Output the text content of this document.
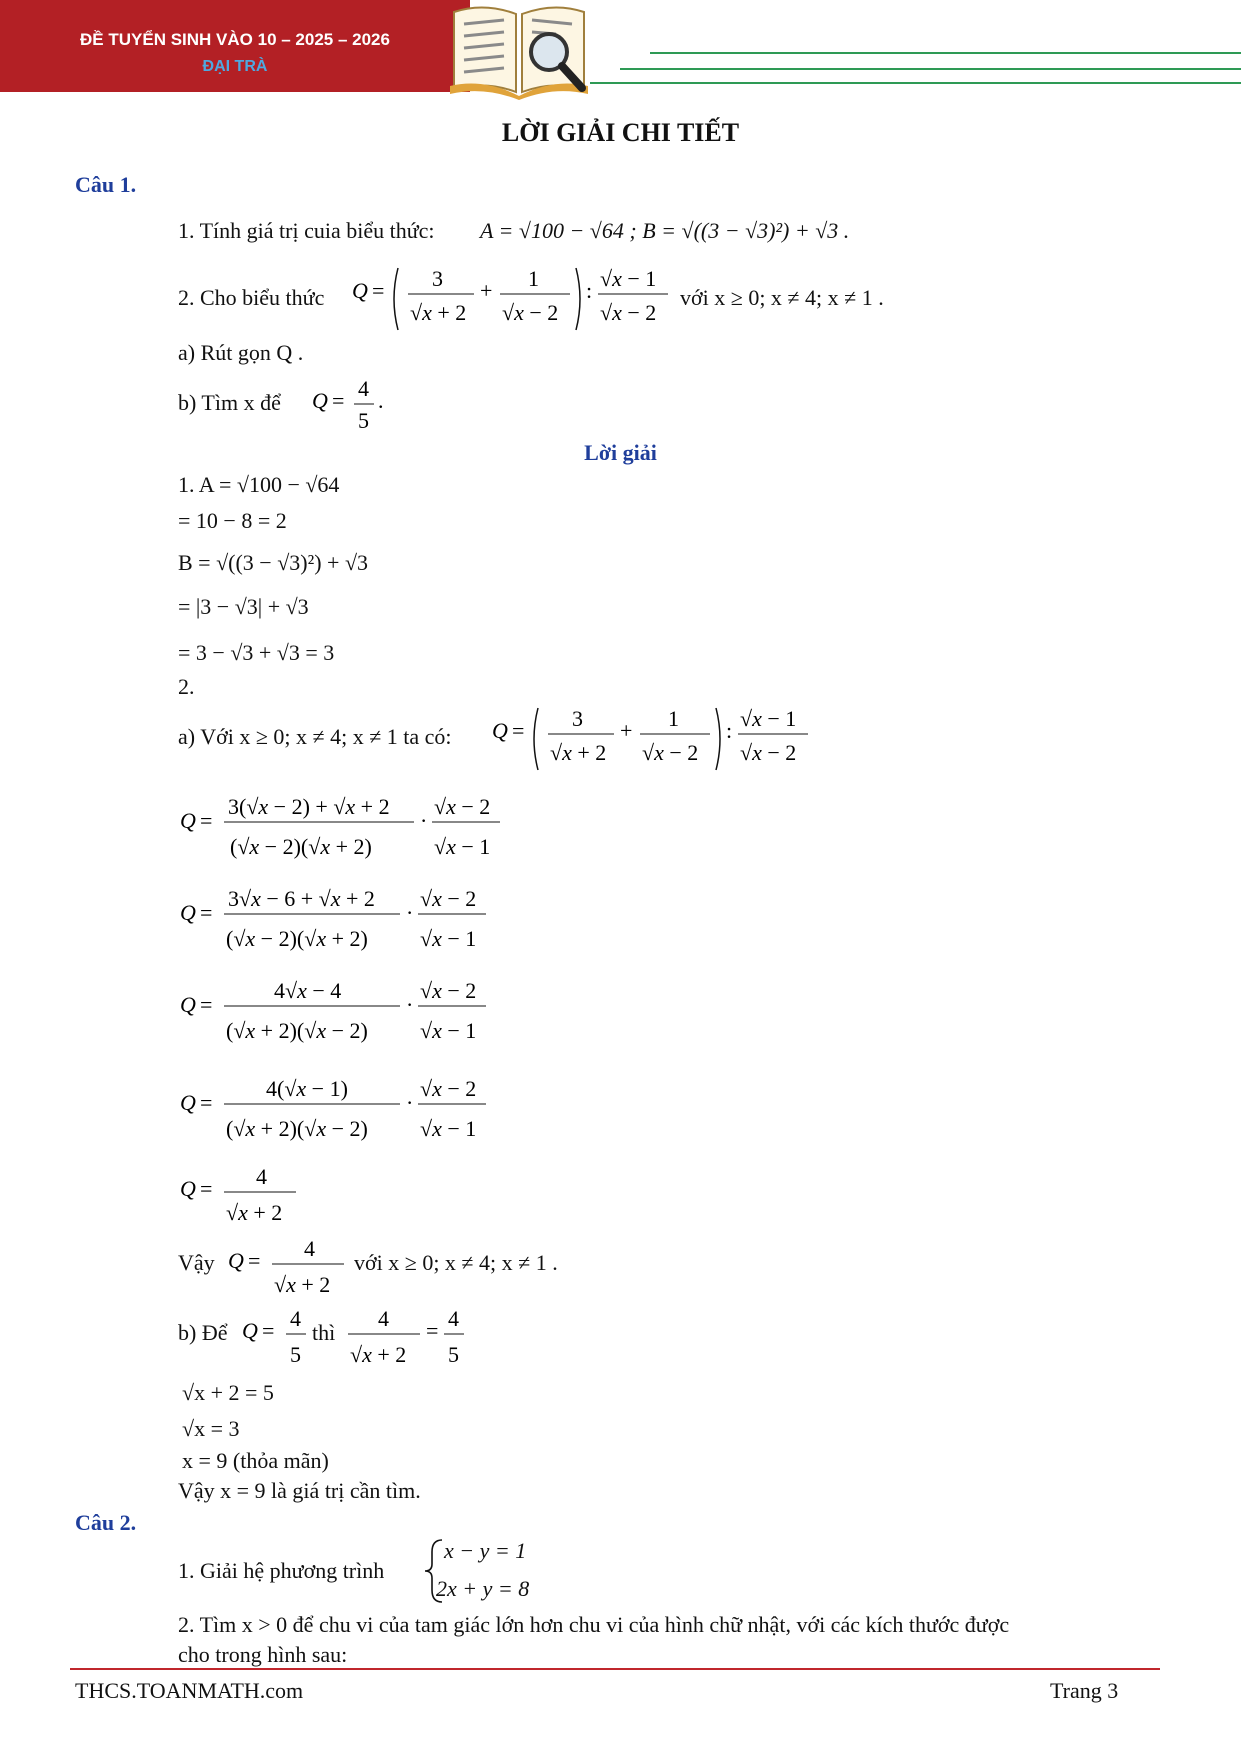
ĐỀ TUYỂN SINH VÀO 10 – 2025 – 2026
ĐẠI TRÀ
LỜI GIẢI CHI TIẾT
Câu 1.
1. Tính giá trị cuia biểu thức: A = √100 − √64 ; B = √((3 − √3)²) + √3 .
2. Cho biểu thức Q = 3
√x + 2
+ 1
√x − 2
: √x − 1
√x − 2
với x ≥ 0; x ≠ 4; x ≠ 1 .
a) Rút gọn Q .
b) Tìm x để Q = 4
5
.
Lời giải
1. A = √100 − √64
= 10 − 8 = 2
B = √((3 − √3)²) + √3
= |3 − √3| + √3
= 3 − √3 + √3 = 3
2.
a) Với x ≥ 0; x ≠ 4; x ≠ 1 ta có: Q = 3
√x + 2
+ 1
√x − 2
: √x − 1
√x − 2
Q =
3(√x − 2) + √x + 2
(√x − 2)(√x + 2)
·
√x − 2
√x − 1
Q =
3√x − 6 + √x + 2
(√x − 2)(√x + 2)
·
√x − 2
√x − 1
Q =
4√x − 4
(√x + 2)(√x − 2)
·
√x − 2
√x − 1
Q =
4(√x − 1)
(√x + 2)(√x − 2)
·
√x − 2
√x − 1
Q = 4
√x + 2
Vậy Q = 4
√x + 2
với x ≥ 0; x ≠ 4; x ≠ 1 .
b) Để Q = 4
5
thì
4
√x + 2
= 4
5
√x + 2 = 5
√x = 3
x = 9 (thỏa mãn)
Vậy x = 9 là giá trị cần tìm.
Câu 2.
1. Giải hệ phương trình
x − y = 1
2x + y = 8
2. Tìm x > 0 để chu vi của tam giác lớn hơn chu vi của hình chữ nhật, với các kích thước được
cho trong hình sau:
THCS.TOANMATH.com	Trang 3
